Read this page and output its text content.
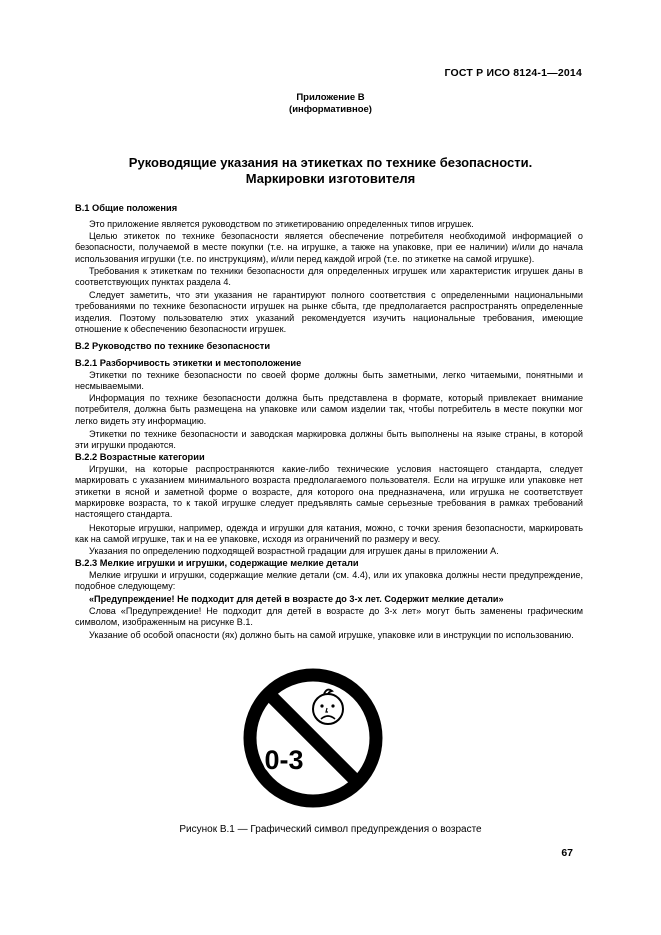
ГОСТ Р ИСО 8124-1—2014
Приложение В
(информативное)
Руководящие указания на этикетках по технике безопасности.
Маркировки изготовителя
В.1 Общие положения
Это приложение является руководством по этикетированию определенных типов игрушек.
Целью этикеток по технике безопасности является обеспечение потребителя необходимой информацией о безопасности, получаемой в месте покупки (т.е. на игрушке, а также на упаковке, при ее наличии) и/или до начала использования игрушки (т.е. по инструкциям), и/или перед каждой игрой (т.е. по этикетке на самой игрушке).
Требования к этикеткам по техники безопасности для определенных игрушек или характеристик игрушек даны в соответствующих пунктах раздела 4.
Следует заметить, что эти указания не гарантируют полного соответствия с определенными национальными требованиями по технике безопасности игрушек на рынке сбыта, где предполагается распространять определенные изделия. Поэтому пользователю этих указаний рекомендуется изучить национальные требования, имеющие отношение к обеспечению безопасности игрушек.
В.2 Руководство по технике безопасности
В.2.1 Разборчивость этикетки и местоположение
Этикетки по технике безопасности по своей форме должны быть заметными, легко читаемыми, понятными и несмываемыми.
Информация по технике безопасности должна быть представлена в формате, который привлекает внимание потребителя, должна быть размещена на упаковке или самом изделии так, чтобы потребитель в месте покупки мог легко видеть эту информацию.
Этикетки по технике безопасности и заводская маркировка должны быть выполнены на языке страны, в которой эти игрушки продаются.
В.2.2 Возрастные категории
Игрушки, на которые распространяются какие-либо технические условия настоящего стандарта, следует маркировать с указанием минимального возраста предполагаемого пользователя. Если на игрушке или упаковке нет этикетки в ясной и заметной форме о возрасте, для которого она предназначена, или игрушка не соответствует маркировке возраста, то к такой игрушке следует предъявлять самые серьезные требования в рамках требований настоящего стандарта.
Некоторые игрушки, например, одежда и игрушки для катания, можно, с точки зрения безопасности, маркировать как на самой игрушке, так и на ее упаковке, исходя из ограничений по размеру и весу.
Указания по определению подходящей возрастной градации для игрушек даны в приложении А.
В.2.3 Мелкие игрушки и игрушки, содержащие мелкие детали
Мелкие игрушки и игрушки, содержащие мелкие детали (см. 4.4), или их упаковка должны нести предупреждение, подобное следующему:
«Предупреждение! Не подходит для детей в возрасте до 3-х лет. Содержит мелкие детали»
Слова «Предупреждение! Не подходит для детей в возрасте до 3-х лет» могут быть заменены графическим символом, изображенным на рисунке В.1.
Указание об особой опасности (ях) должно быть на самой игрушке, упаковке или в инструкции по использованию.
0-3
Рисунок В.1 — Графический символ предупреждения о возрасте
67
